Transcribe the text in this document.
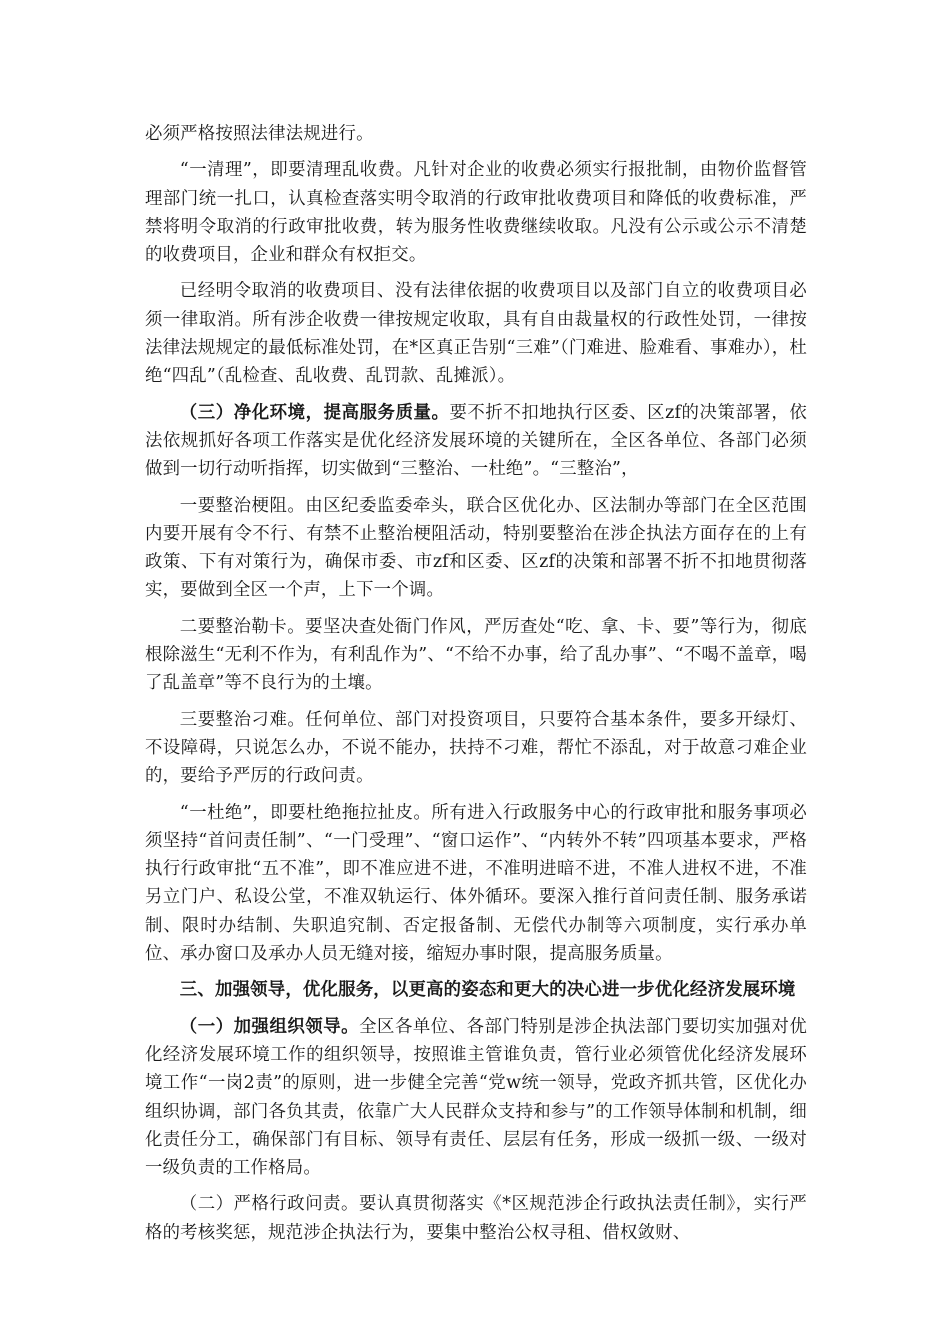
必须严格按照法律法规进行。

“一清理”，即要清理乱收费。凡针对企业的收费必须实行报批制，由物价监督管理部门统一扎口，认真检查落实明令取消的行政审批收费项目和降低的收费标准，严禁将明令取消的行政审批收费，转为服务性收费继续收取。凡没有公示或公示不清楚的收费项目，企业和群众有权拒交。

已经明令取消的收费项目、没有法律依据的收费项目以及部门自立的收费项目必须一律取消。所有涉企收费一律按规定收取，具有自由裁量权的行政性处罚，一律按法律法规规定的最低标准处罚，在*区真正告别“三难”（门难进、脸难看、事难办），杜绝“四乱”（乱检查、乱收费、乱罚款、乱摊派）。

（三）净化环境，提高服务质量。要不折不扣地执行区委、区zf的决策部署，依法依规抓好各项工作落实是优化经济发展环境的关键所在，全区各单位、各部门必须做到一切行动听指挥，切实做到“三整治、一杜绝”。“三整治”，

一要整治梗阻。由区纪委监委牵头，联合区优化办、区法制办等部门在全区范围内要开展有令不行、有禁不止整治梗阻活动，特别要整治在涉企执法方面存在的上有政策、下有对策行为，确保市委、市zf和区委、区zf的决策和部署不折不扣地贯彻落实，要做到全区一个声，上下一个调。

二要整治勒卡。要坚决查处衙门作风，严厉查处“吃、拿、卡、要”等行为，彻底根除滋生“无利不作为，有利乱作为”、“不给不办事，给了乱办事”、“不喝不盖章，喝了乱盖章”等不良行为的土壤。

三要整治刁难。任何单位、部门对投资项目，只要符合基本条件，要多开绿灯、不设障碍，只说怎么办，不说不能办，扶持不刁难，帮忙不添乱，对于故意刁难企业的，要给予严厉的行政问责。

“一杜绝”，即要杜绝拖拉扯皮。所有进入行政服务中心的行政审批和服务事项必须坚持“首问责任制”、“一门受理”、“窗口运作”、“内转外不转”四项基本要求，严格执行行政审批“五不准”，即不准应进不进，不准明进暗不进，不准人进权不进，不准另立门户、私设公堂，不准双轨运行、体外循环。要深入推行首问责任制、服务承诺制、限时办结制、失职追究制、否定报备制、无偿代办制等六项制度，实行承办单位、承办窗口及承办人员无缝对接，缩短办事时限，提高服务质量。

三、加强领导，优化服务，以更高的姿态和更大的决心进一步优化经济发展环境

（一）加强组织领导。全区各单位、各部门特别是涉企执法部门要切实加强对优化经济发展环境工作的组织领导，按照谁主管谁负责，管行业必须管优化经济发展环境工作“一岗2责”的原则，进一步健全完善“党w统一领导，党政齐抓共管，区优化办组织协调，部门各负其责，依靠广大人民群众支持和参与”的工作领导体制和机制，细化责任分工，确保部门有目标、领导有责任、层层有任务，形成一级抓一级、一级对一级负责的工作格局。

（二）严格行政问责。要认真贯彻落实《*区规范涉企行政执法责任制》，实行严格的考核奖惩，规范涉企执法行为，要集中整治公权寻租、借权敛财、
